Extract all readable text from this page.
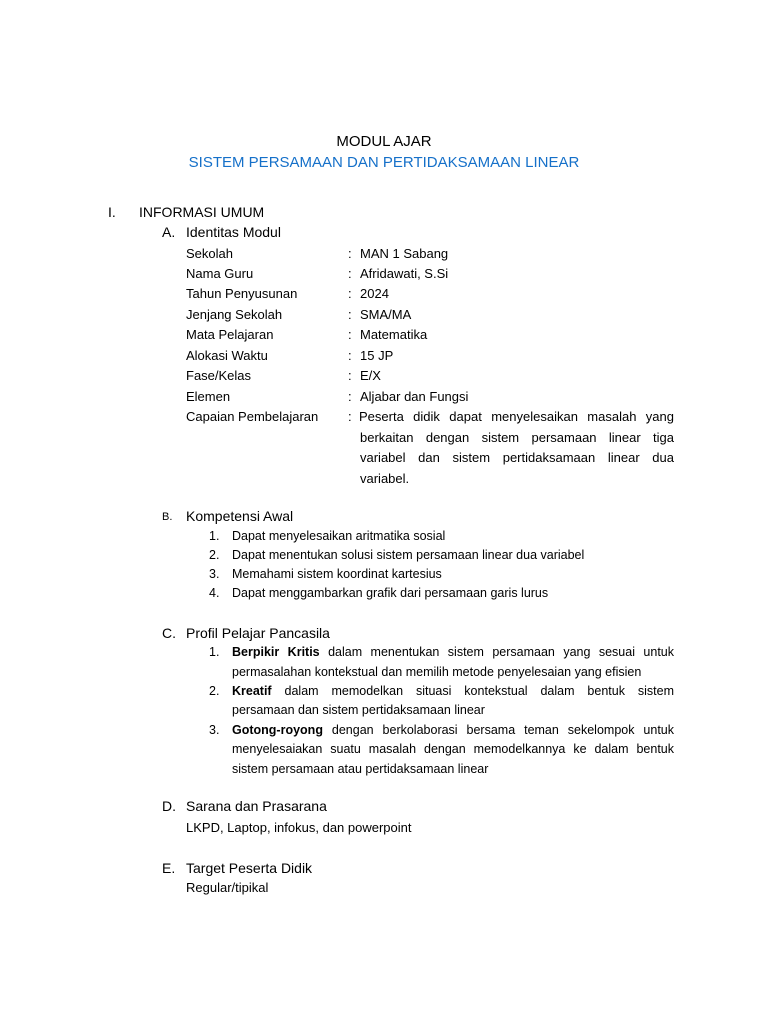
MODUL AJAR
SISTEM PERSAMAAN DAN PERTIDAKSAMAAN LINEAR
I. INFORMASI UMUM
A. Identitas Modul
Sekolah	: MAN 1 Sabang
Nama Guru	: Afridawati, S.Si
Tahun Penyusunan	: 2024
Jenjang Sekolah	: SMA/MA
Mata Pelajaran	: Matematika
Alokasi Waktu	: 15 JP
Fase/Kelas	: E/X
Elemen	: Aljabar dan Fungsi
Capaian Pembelajaran : Peserta didik dapat menyelesaikan masalah yang
berkaitan dengan sistem persamaan linear tiga
variabel dan sistem pertidaksamaan linear dua
variabel.
B. Kompetensi Awal
1. Dapat menyelesaikan aritmatika sosial
2. Dapat menentukan solusi sistem persamaan linear dua variabel
3. Memahami sistem koordinat kartesius
4. Dapat menggambarkan grafik dari persamaan garis lurus
C. Profil Pelajar Pancasila
1. Berpikir Kritis dalam menentukan sistem persamaan yang sesuai untuk
permasalahan kontekstual dan memilih metode penyelesaian yang efisien
2. Kreatif dalam memodelkan situasi kontekstual dalam bentuk sistem
persamaan dan sistem pertidaksamaan linear
3. Gotong-royong dengan berkolaborasi bersama teman sekelompok untuk
menyelesaiakan suatu masalah dengan memodelkannya ke dalam bentuk
sistem persamaan atau pertidaksamaan linear
D. Sarana dan Prasarana
LKPD, Laptop, infokus, dan powerpoint
E. Target Peserta Didik
Regular/tipikal
